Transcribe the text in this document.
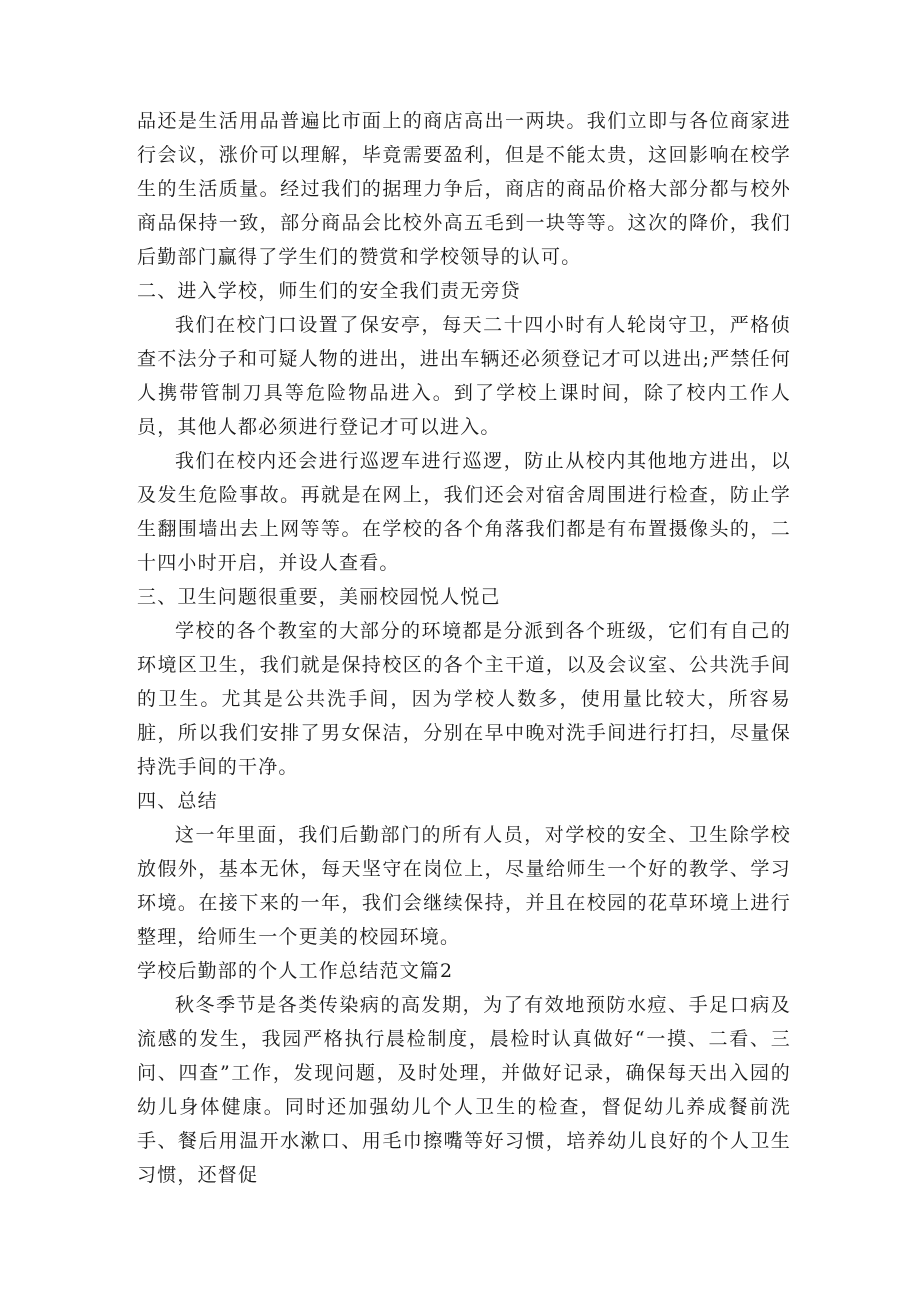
品还是生活用品普遍比市面上的商店高出一两块。我们立即与各位商家进行会议，涨价可以理解，毕竟需要盈利，但是不能太贵，这回影响在校学生的生活质量。经过我们的据理力争后，商店的商品价格大部分都与校外商品保持一致，部分商品会比校外高五毛到一块等等。这次的降价，我们后勤部门赢得了学生们的赞赏和学校领导的认可。

二、进入学校，师生们的安全我们责无旁贷

我们在校门口设置了保安亭，每天二十四小时有人轮岗守卫，严格侦查不法分子和可疑人物的进出，进出车辆还必须登记才可以进出;严禁任何人携带管制刀具等危险物品进入。到了学校上课时间，除了校内工作人员，其他人都必须进行登记才可以进入。

我们在校内还会进行巡逻车进行巡逻，防止从校内其他地方进出，以及发生危险事故。再就是在网上，我们还会对宿舍周围进行检查，防止学生翻围墙出去上网等等。在学校的各个角落我们都是有布置摄像头的，二十四小时开启，并设人查看。

三、卫生问题很重要，美丽校园悦人悦己

学校的各个教室的大部分的环境都是分派到各个班级，它们有自己的环境区卫生，我们就是保持校区的各个主干道，以及会议室、公共洗手间的卫生。尤其是公共洗手间，因为学校人数多，使用量比较大，所容易脏，所以我们安排了男女保洁，分别在早中晚对洗手间进行打扫，尽量保持洗手间的干净。

四、总结

这一年里面，我们后勤部门的所有人员，对学校的安全、卫生除学校放假外，基本无休，每天坚守在岗位上，尽量给师生一个好的教学、学习环境。在接下来的一年，我们会继续保持，并且在校园的花草环境上进行整理，给师生一个更美的校园环境。

学校后勤部的个人工作总结范文篇2

秋冬季节是各类传染病的高发期，为了有效地预防水痘、手足口病及流感的发生，我园严格执行晨检制度，晨检时认真做好“一摸、二看、三问、四查”工作，发现问题，及时处理，并做好记录，确保每天出入园的幼儿身体健康。同时还加强幼儿个人卫生的检查，督促幼儿养成餐前洗手、餐后用温开水漱口、用毛巾擦嘴等好习惯，培养幼儿良好的个人卫生习惯，还督促
